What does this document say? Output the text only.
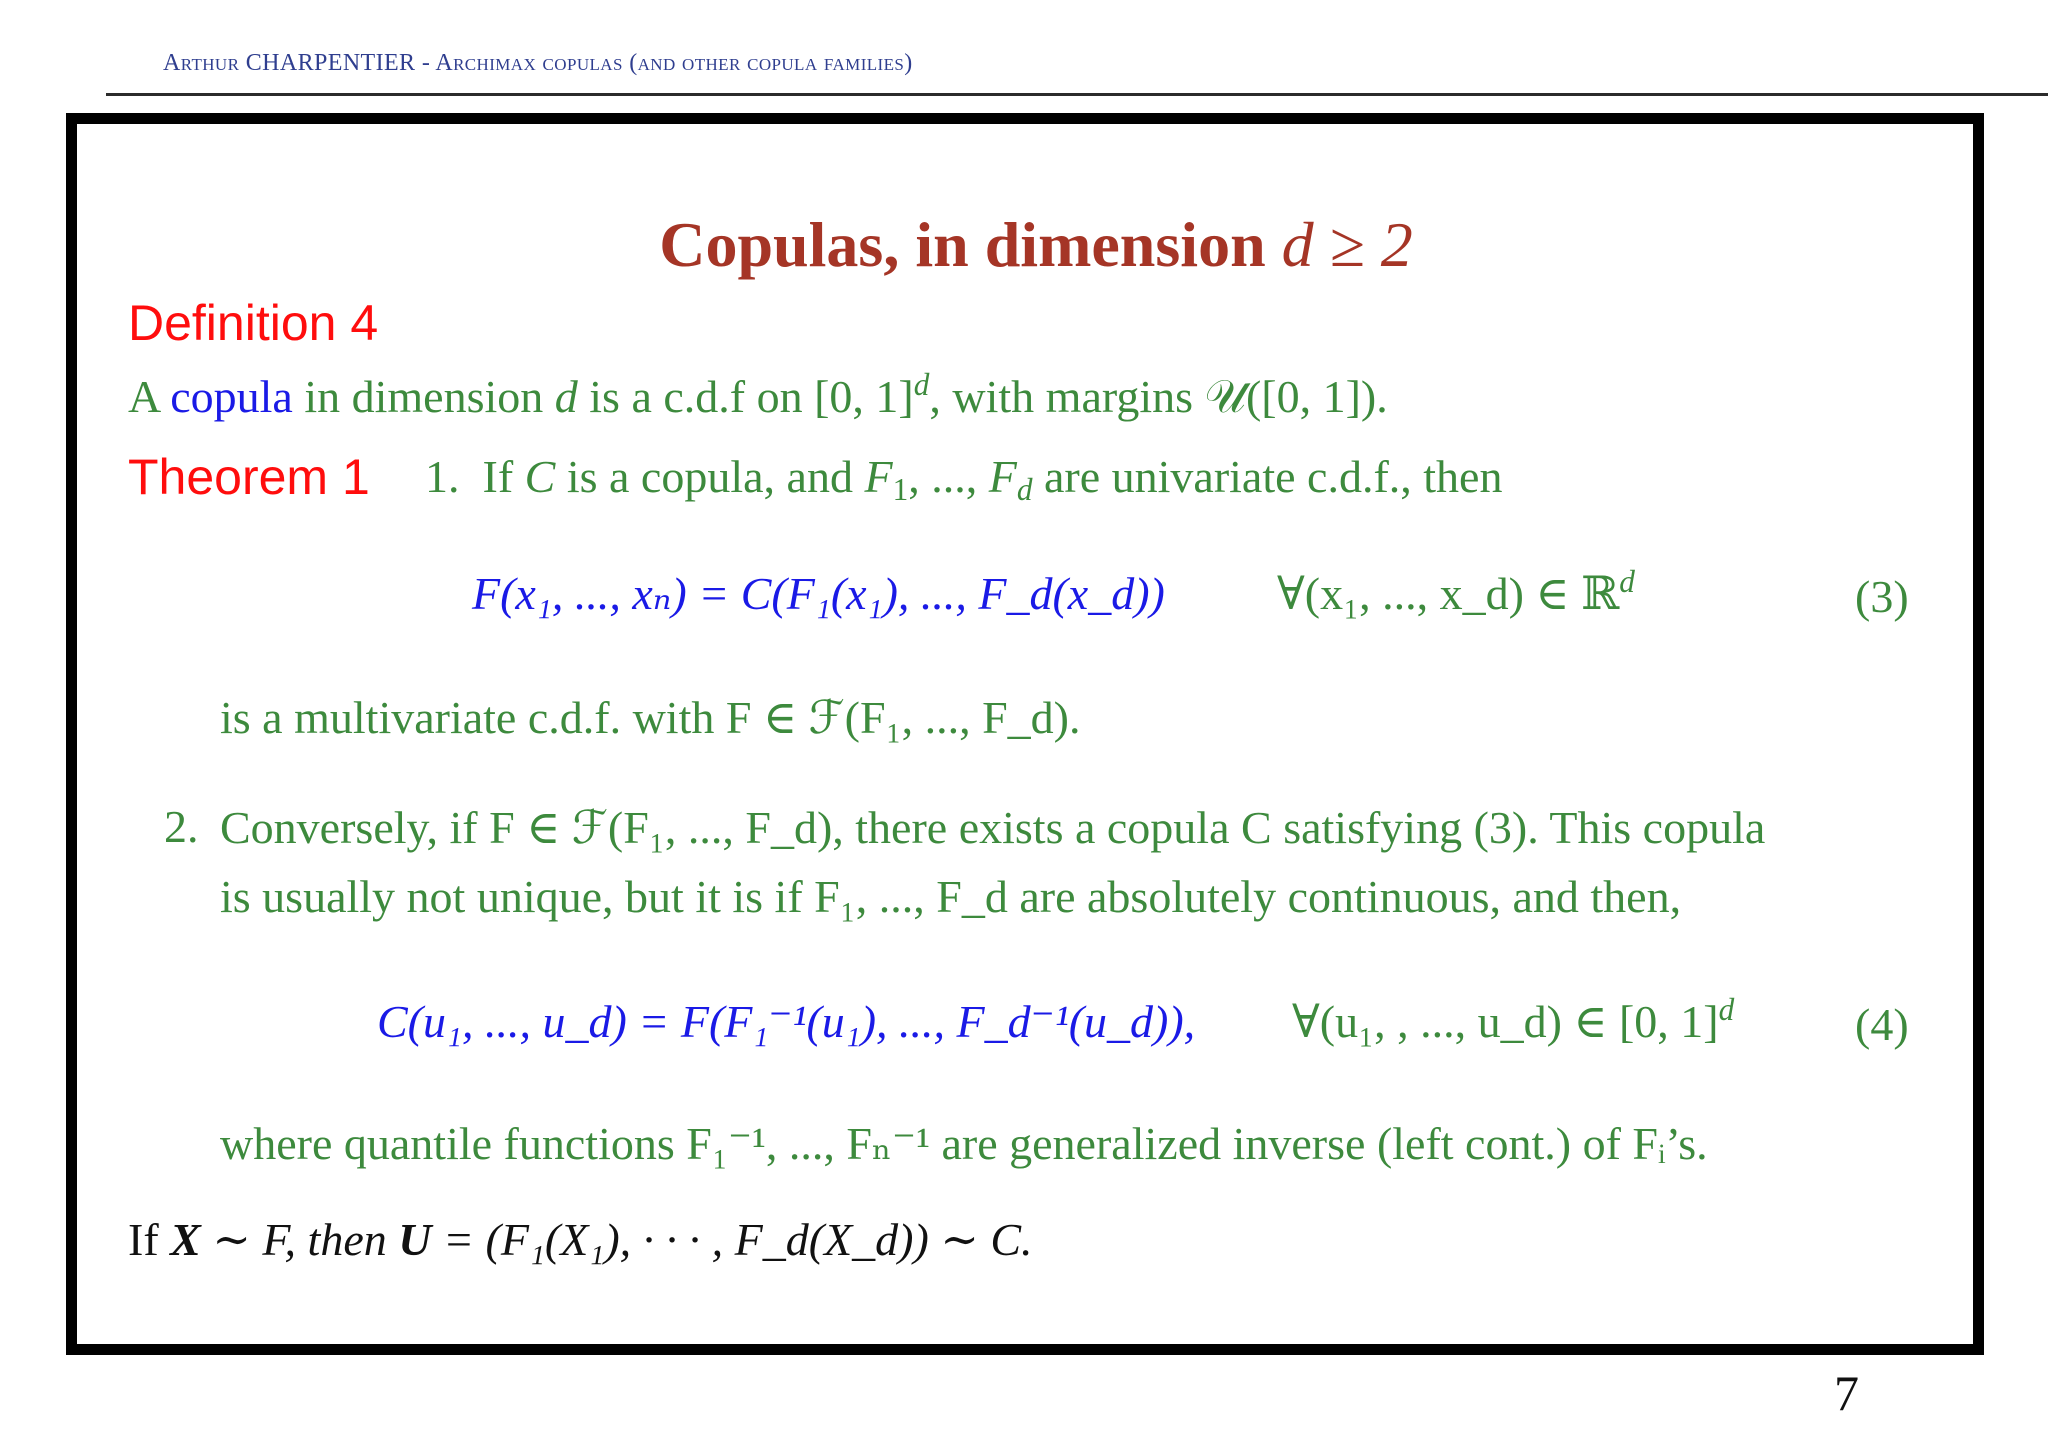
Arthur CHARPENTIER - Archimax copulas (and other copula families)
Copulas, in dimension d ≥ 2
Definition 4
A copula in dimension d is a c.d.f on [0, 1]$^d$, with margins 𝒰([0, 1]).
Theorem 1 1. If C is a copula, and $F_1$, ..., $F_d$ are univariate c.d.f., then
F(x₁, ..., xₙ) = C(F₁(x₁), ..., F_d(x_d)) ∀(x₁, ..., x_d) ∈ ℝ$^d$	(3)
is a multivariate c.d.f. with F ∈ ℱ(F₁, ..., F_d).
2. Conversely, if F ∈ ℱ(F₁, ..., F_d), there exists a copula C satisfying (3). This copula
is usually not unique, but it is if F₁, ..., F_d are absolutely continuous, and then,
C(u₁, ..., u_d) = F(F₁⁻¹(u₁), ..., F_d⁻¹(u_d)), ∀(u₁, , ..., u_d) ∈ [0, 1]$^d$	(4)
where quantile functions F₁⁻¹, ..., Fₙ⁻¹ are generalized inverse (left cont.) of Fᵢ’s.
If X ∼ F, then U = (F₁(X₁), · · · , F_d(X_d)) ∼ C.
7
